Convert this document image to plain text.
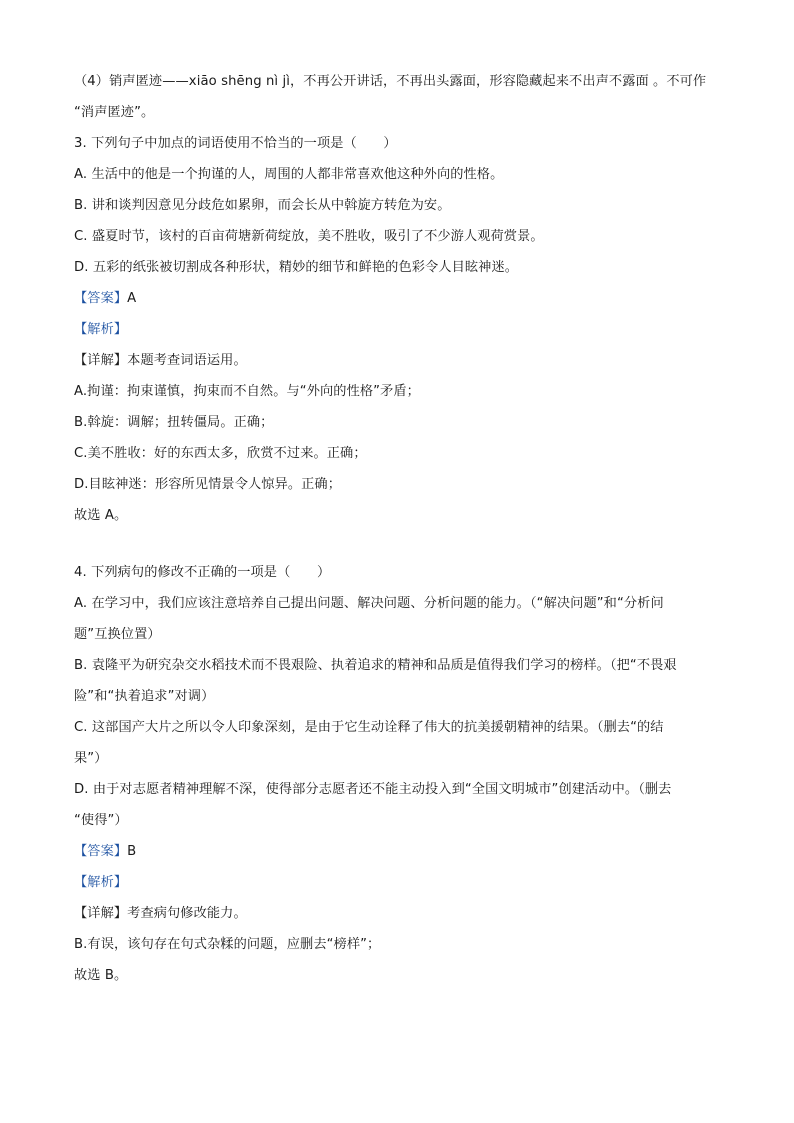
（4）销声匿迹——xiāo shēng nì jì，不再公开讲话，不再出头露面，形容隐藏起来不出声不露面 。不可作
“消声匿迹”。
3. 下列句子中加点的词语使用不恰当的一项是（　　）
A. 生活中的他是一个拘谨的人，周围的人都非常喜欢他这种外向的性格。
B. 讲和谈判因意见分歧危如累卵，而会长从中斡旋方转危为安。
C. 盛夏时节，该村的百亩荷塘新荷绽放，美不胜收，吸引了不少游人观荷赏景。
D. 五彩的纸张被切割成各种形状，精妙的细节和鲜艳的色彩令人目眩神迷。
【答案】A
【解析】
【详解】本题考查词语运用。
A.拘谨：拘束谨慎，拘束而不自然。与“外向的性格”矛盾；
B.斡旋：调解；扭转僵局。正确；
C.美不胜收：好的东西太多，欣赏不过来。正确；
D.目眩神迷：形容所见情景令人惊异。正确；
故选 A。
4. 下列病句的修改不正确的一项是（　　）
A. 在学习中，我们应该注意培养自己提出问题、解决问题、分析问题的能力。（“解决问题”和“分析问
题”互换位置）
B. 袁隆平为研究杂交水稻技术而不畏艰险、执着追求的精神和品质是值得我们学习的榜样。（把“不畏艰
险”和“执着追求”对调）
C. 这部国产大片之所以令人印象深刻，是由于它生动诠释了伟大的抗美援朝精神的结果。（删去“的结
果”）
D. 由于对志愿者精神理解不深，使得部分志愿者还不能主动投入到“全国文明城市”创建活动中。（删去
“使得”）
【答案】B
【解析】
【详解】考查病句修改能力。
B.有误，该句存在句式杂糅的问题，应删去“榜样”；
故选 B。
